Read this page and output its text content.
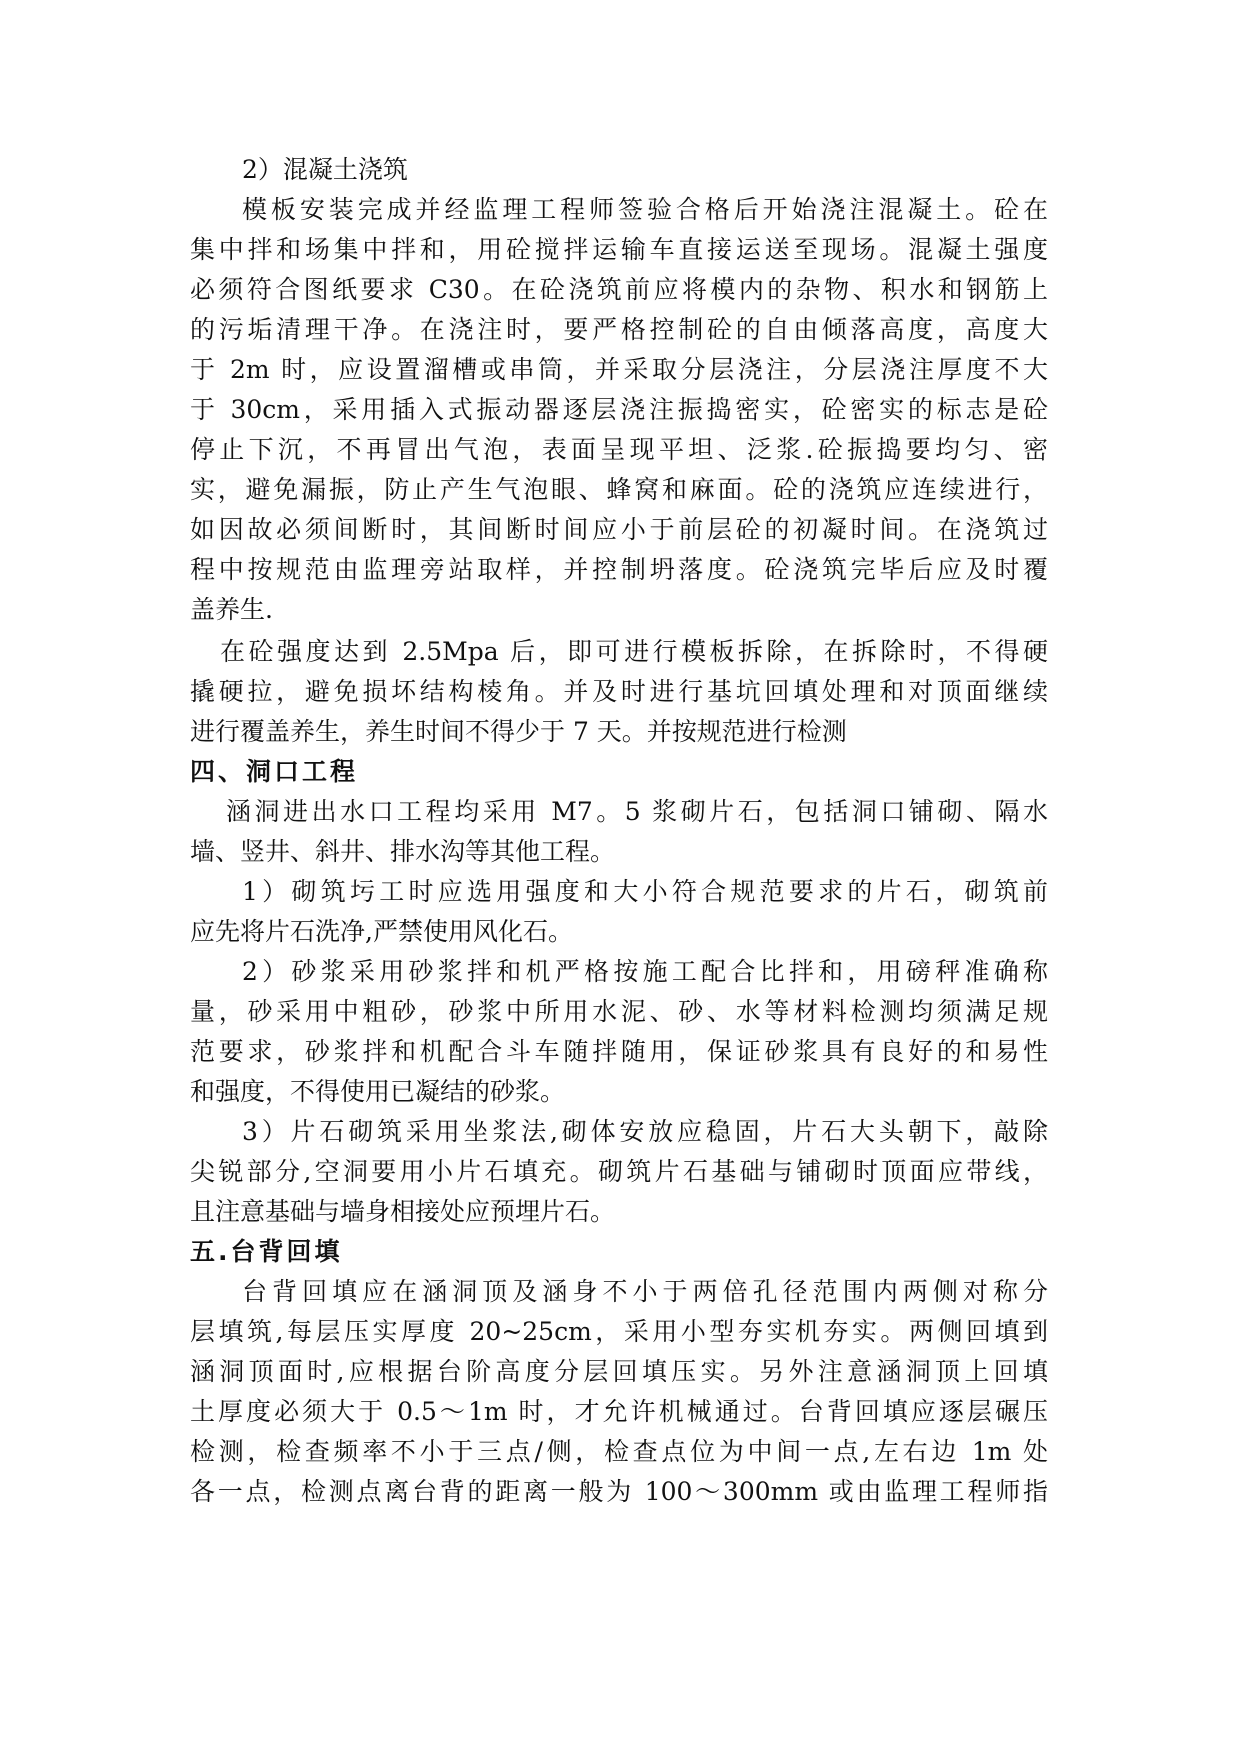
2）混凝土浇筑
模板安装完成并经监理工程师签验合格后开始浇注混凝土。砼在
集中拌和场集中拌和，用砼搅拌运输车直接运送至现场。混凝土强度
必须符合图纸要求 C30。在砼浇筑前应将模内的杂物、积水和钢筋上
的污垢清理干净。在浇注时，要严格控制砼的自由倾落高度，高度大
于 2m 时，应设置溜槽或串筒，并采取分层浇注，分层浇注厚度不大
于 30cm，采用插入式振动器逐层浇注振捣密实，砼密实的标志是砼
停止下沉，不再冒出气泡，表面呈现平坦、泛浆.砼振捣要均匀、密
实，避免漏振，防止产生气泡眼、蜂窝和麻面。砼的浇筑应连续进行，
如因故必须间断时，其间断时间应小于前层砼的初凝时间。在浇筑过
程中按规范由监理旁站取样，并控制坍落度。砼浇筑完毕后应及时覆
盖养生.
在砼强度达到 2.5Mpa 后，即可进行模板拆除，在拆除时，不得硬
撬硬拉，避免损坏结构棱角。并及时进行基坑回填处理和对顶面继续
进行覆盖养生，养生时间不得少于 7 天。并按规范进行检测
四、洞口工程
涵洞进出水口工程均采用 M7。5 浆砌片石，包括洞口铺砌、隔水
墙、竖井、斜井、排水沟等其他工程。
1）砌筑圬工时应选用强度和大小符合规范要求的片石，砌筑前
应先将片石洗净,严禁使用风化石。
2）砂浆采用砂浆拌和机严格按施工配合比拌和，用磅秤准确称
量，砂采用中粗砂，砂浆中所用水泥、砂、水等材料检测均须满足规
范要求，砂浆拌和机配合斗车随拌随用，保证砂浆具有良好的和易性
和强度，不得使用已凝结的砂浆。
3）片石砌筑采用坐浆法,砌体安放应稳固，片石大头朝下，敲除
尖锐部分,空洞要用小片石填充。砌筑片石基础与铺砌时顶面应带线，
且注意基础与墙身相接处应预埋片石。
五.台背回填
台背回填应在涵洞顶及涵身不小于两倍孔径范围内两侧对称分
层填筑,每层压实厚度 20~25cm，采用小型夯实机夯实。两侧回填到
涵洞顶面时,应根据台阶高度分层回填压实。另外注意涵洞顶上回填
土厚度必须大于 0.5～1m 时，才允许机械通过。台背回填应逐层碾压
检测，检查频率不小于三点/侧，检查点位为中间一点,左右边 1m 处
各一点，检测点离台背的距离一般为 100～300mm 或由监理工程师指
